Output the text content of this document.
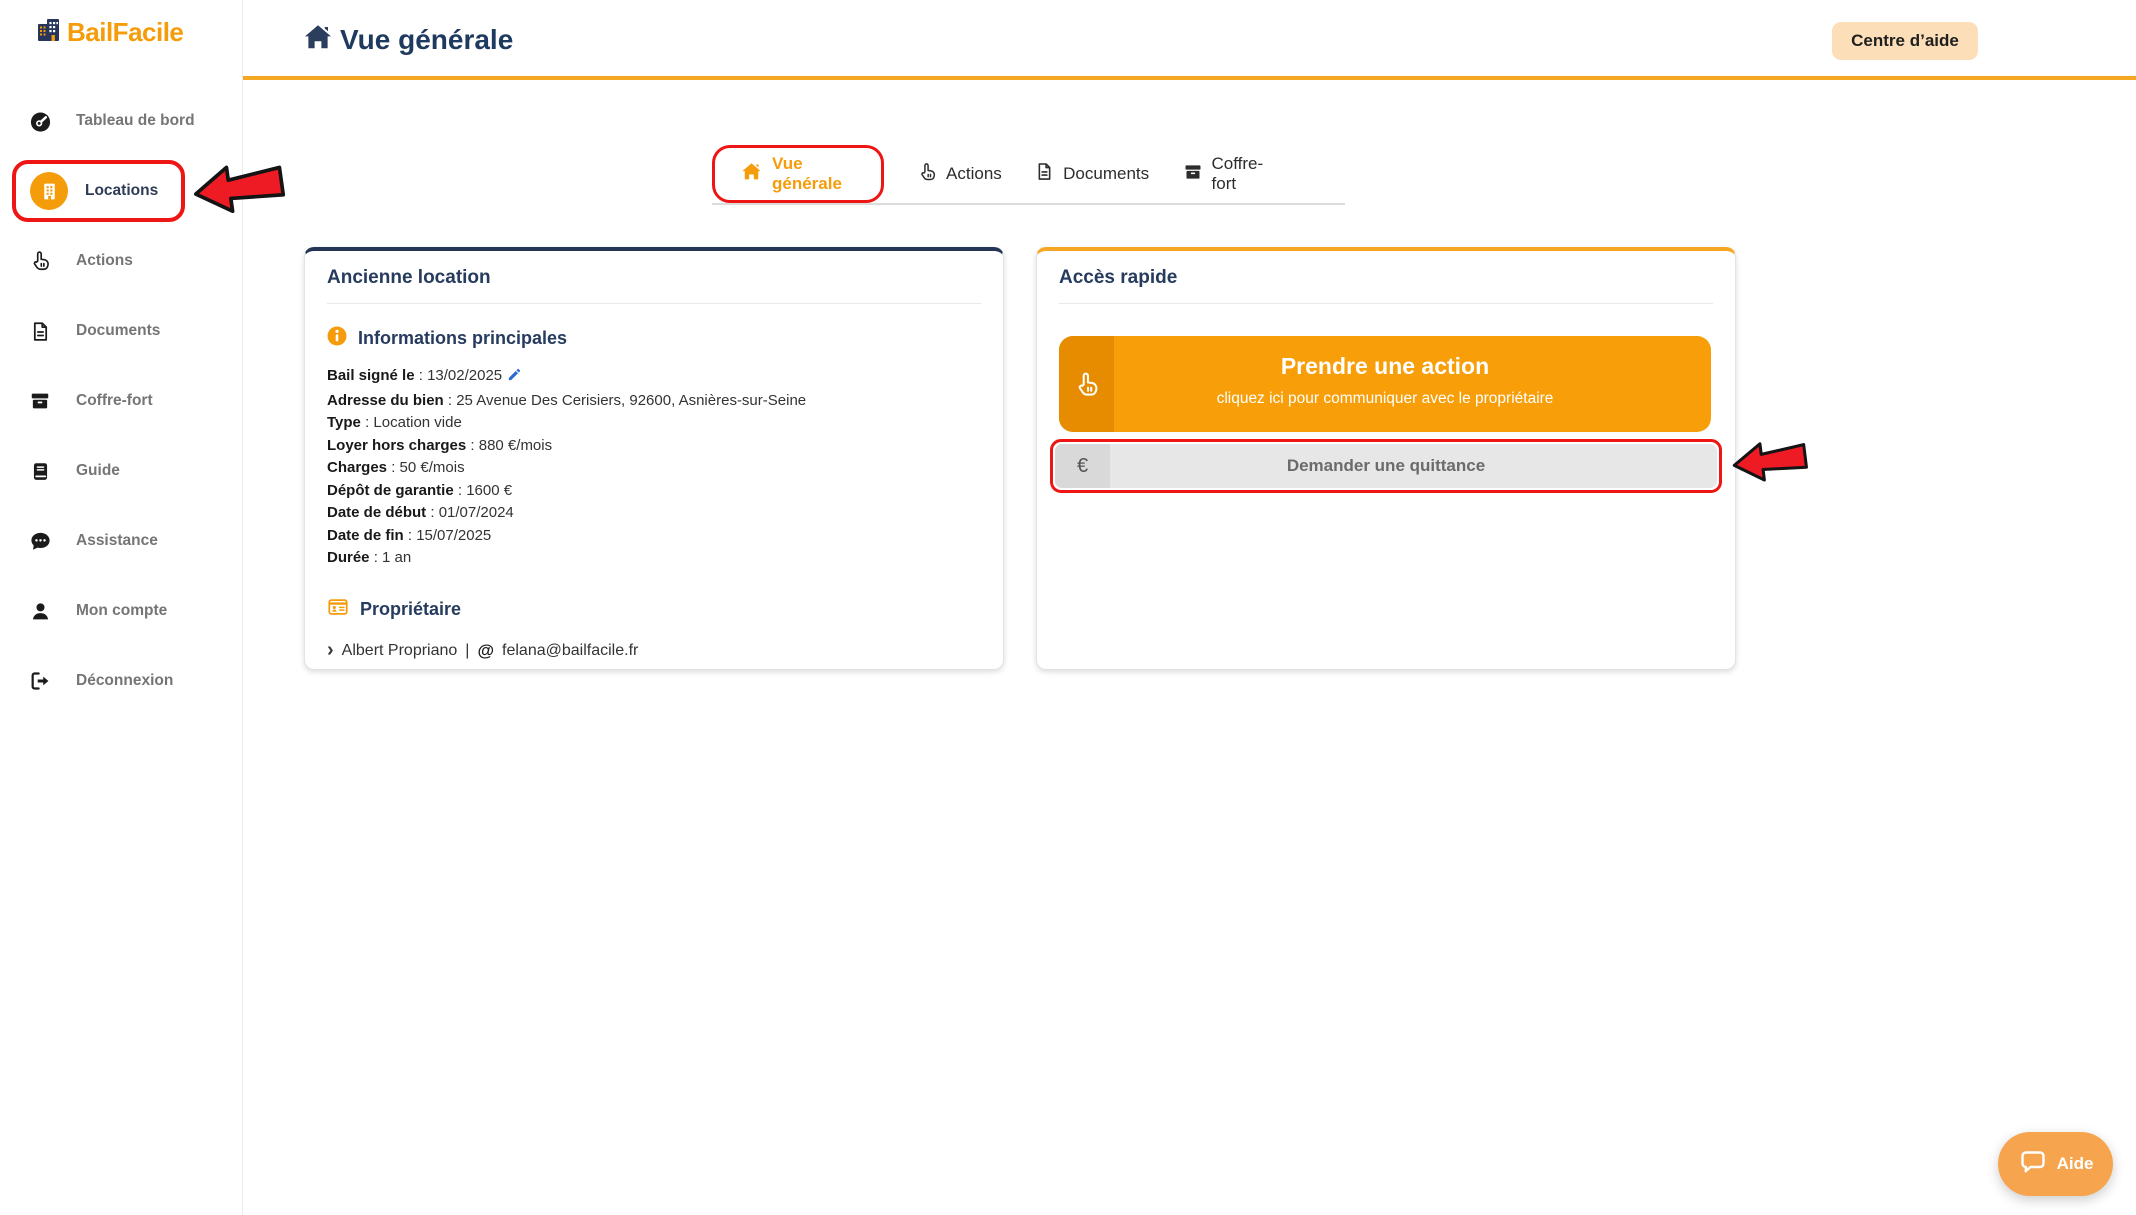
BailFacile
Tableau de bord
Locations
Actions
Documents
Coffre-fort
Guide
Assistance
Mon compte
Déconnexion
Vue générale	Centre d’aide
Vue générale
Actions	Documents
Coffre-fort
Ancienne location
Informations principales
Bail signé le : 13/02/2025
Adresse du bien : 25 Avenue Des Cerisiers, 92600, Asnières-sur-Seine
Type : Location vide
Loyer hors charges : 880 €/mois
Charges : 50 €/mois
Dépôt de garantie : 1600 €
Date de début : 01/07/2024
Date de fin : 15/07/2025
Durée : 1 an
Propriétaire
› Albert Propriano | @ felana@bailfacile.fr
Accès rapide
Prendre une action
cliquez ici pour communiquer avec le propriétaire
€	Demander une quittance
Aide
